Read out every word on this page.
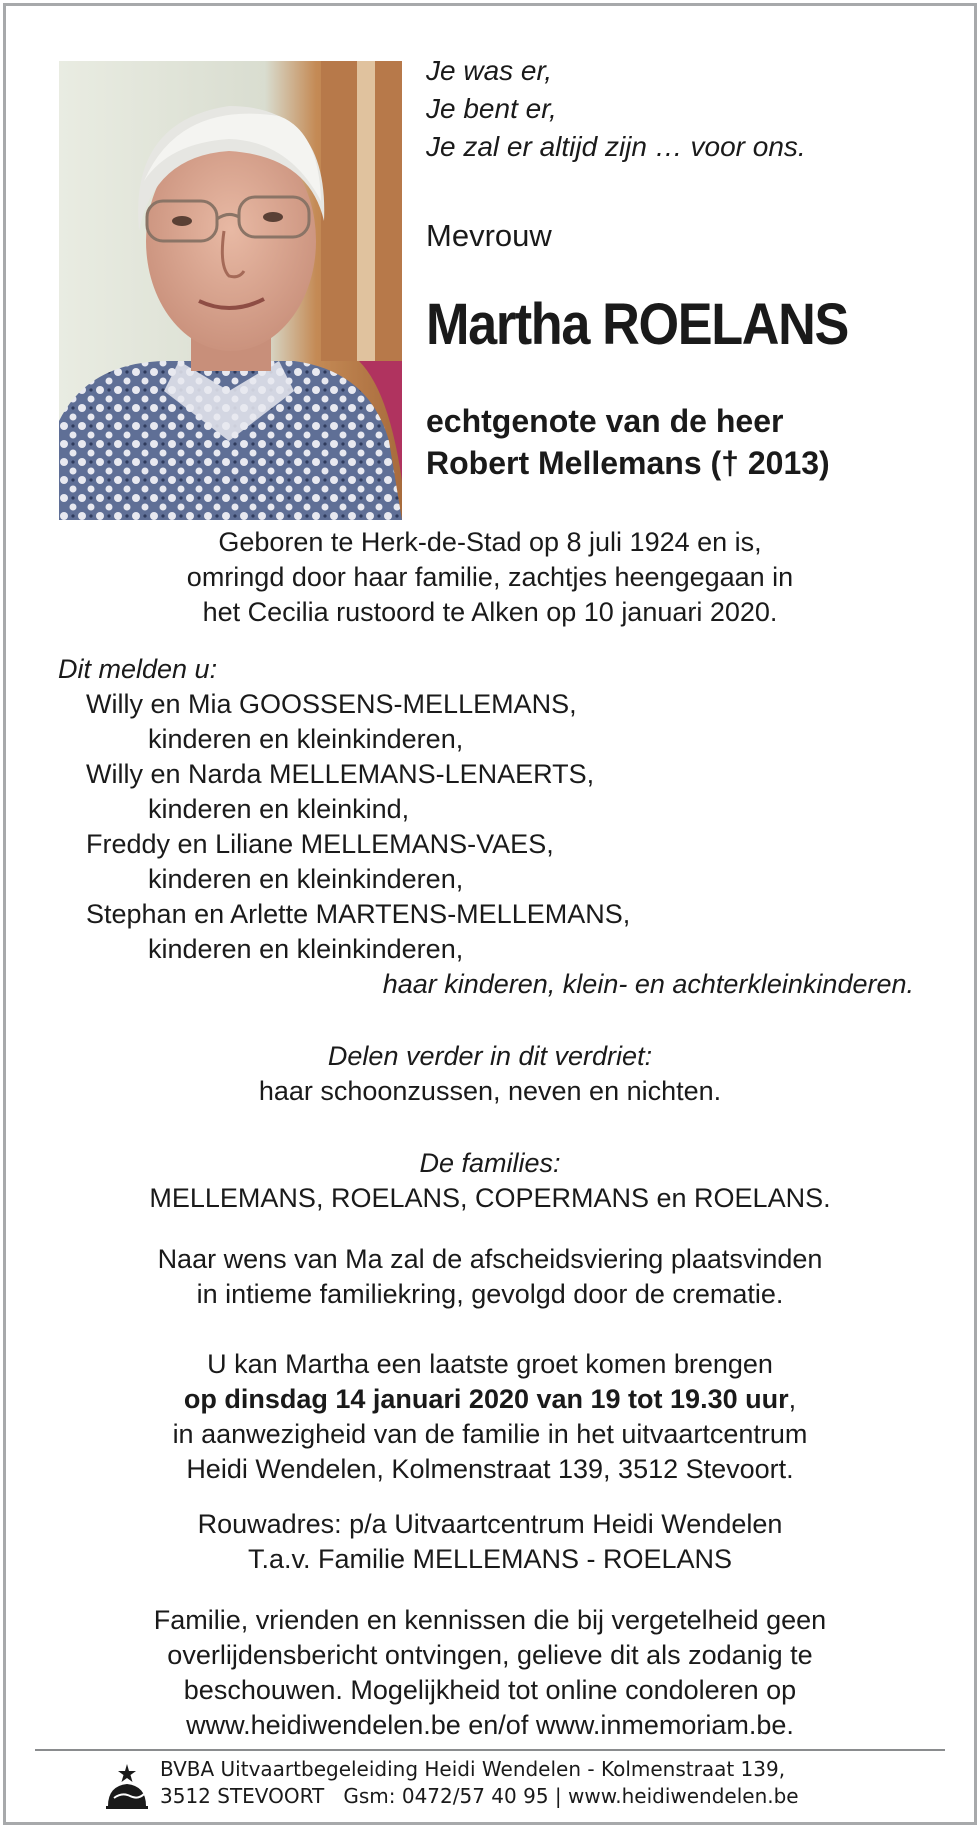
Je was er,
Je bent er,
Je zal er altijd zijn … voor ons.
Mevrouw
Martha ROELANS
echtgenote van de heer
Robert Mellemans († 2013)
Geboren te Herk-de-Stad op 8 juli 1924 en is,
omringd door haar familie, zachtjes heengegaan in
het Cecilia rustoord te Alken op 10 januari 2020.
Dit melden u:
Willy en Mia GOOSSENS-MELLEMANS,
kinderen en kleinkinderen,
Willy en Narda MELLEMANS-LENAERTS,
kinderen en kleinkind,
Freddy en Liliane MELLEMANS-VAES,
kinderen en kleinkinderen,
Stephan en Arlette MARTENS-MELLEMANS,
kinderen en kleinkinderen,
haar kinderen, klein- en achterkleinkinderen.
Delen verder in dit verdriet:
haar schoonzussen, neven en nichten.
De families:
MELLEMANS, ROELANS, COPERMANS en ROELANS.
Naar wens van Ma zal de afscheidsviering plaatsvinden
in intieme familiekring, gevolgd door de crematie.
U kan Martha een laatste groet komen brengen
op dinsdag 14 januari 2020 van 19 tot 19.30 uur,
in aanwezigheid van de familie in het uitvaartcentrum
Heidi Wendelen, Kolmenstraat 139, 3512 Stevoort.
Rouwadres: p/a Uitvaartcentrum Heidi Wendelen
T.a.v. Familie MELLEMANS - ROELANS
Familie, vrienden en kennissen die bij vergetelheid geen
overlijdensbericht ontvingen, gelieve dit als zodanig te
beschouwen. Mogelijkheid tot online condoleren op
www.heidiwendelen.be en/of www.inmemoriam.be.
BVBA Uitvaartbegeleiding Heidi Wendelen - Kolmenstraat 139,
3512 STEVOORT   Gsm: 0472/57 40 95 | www.heidiwendelen.be
